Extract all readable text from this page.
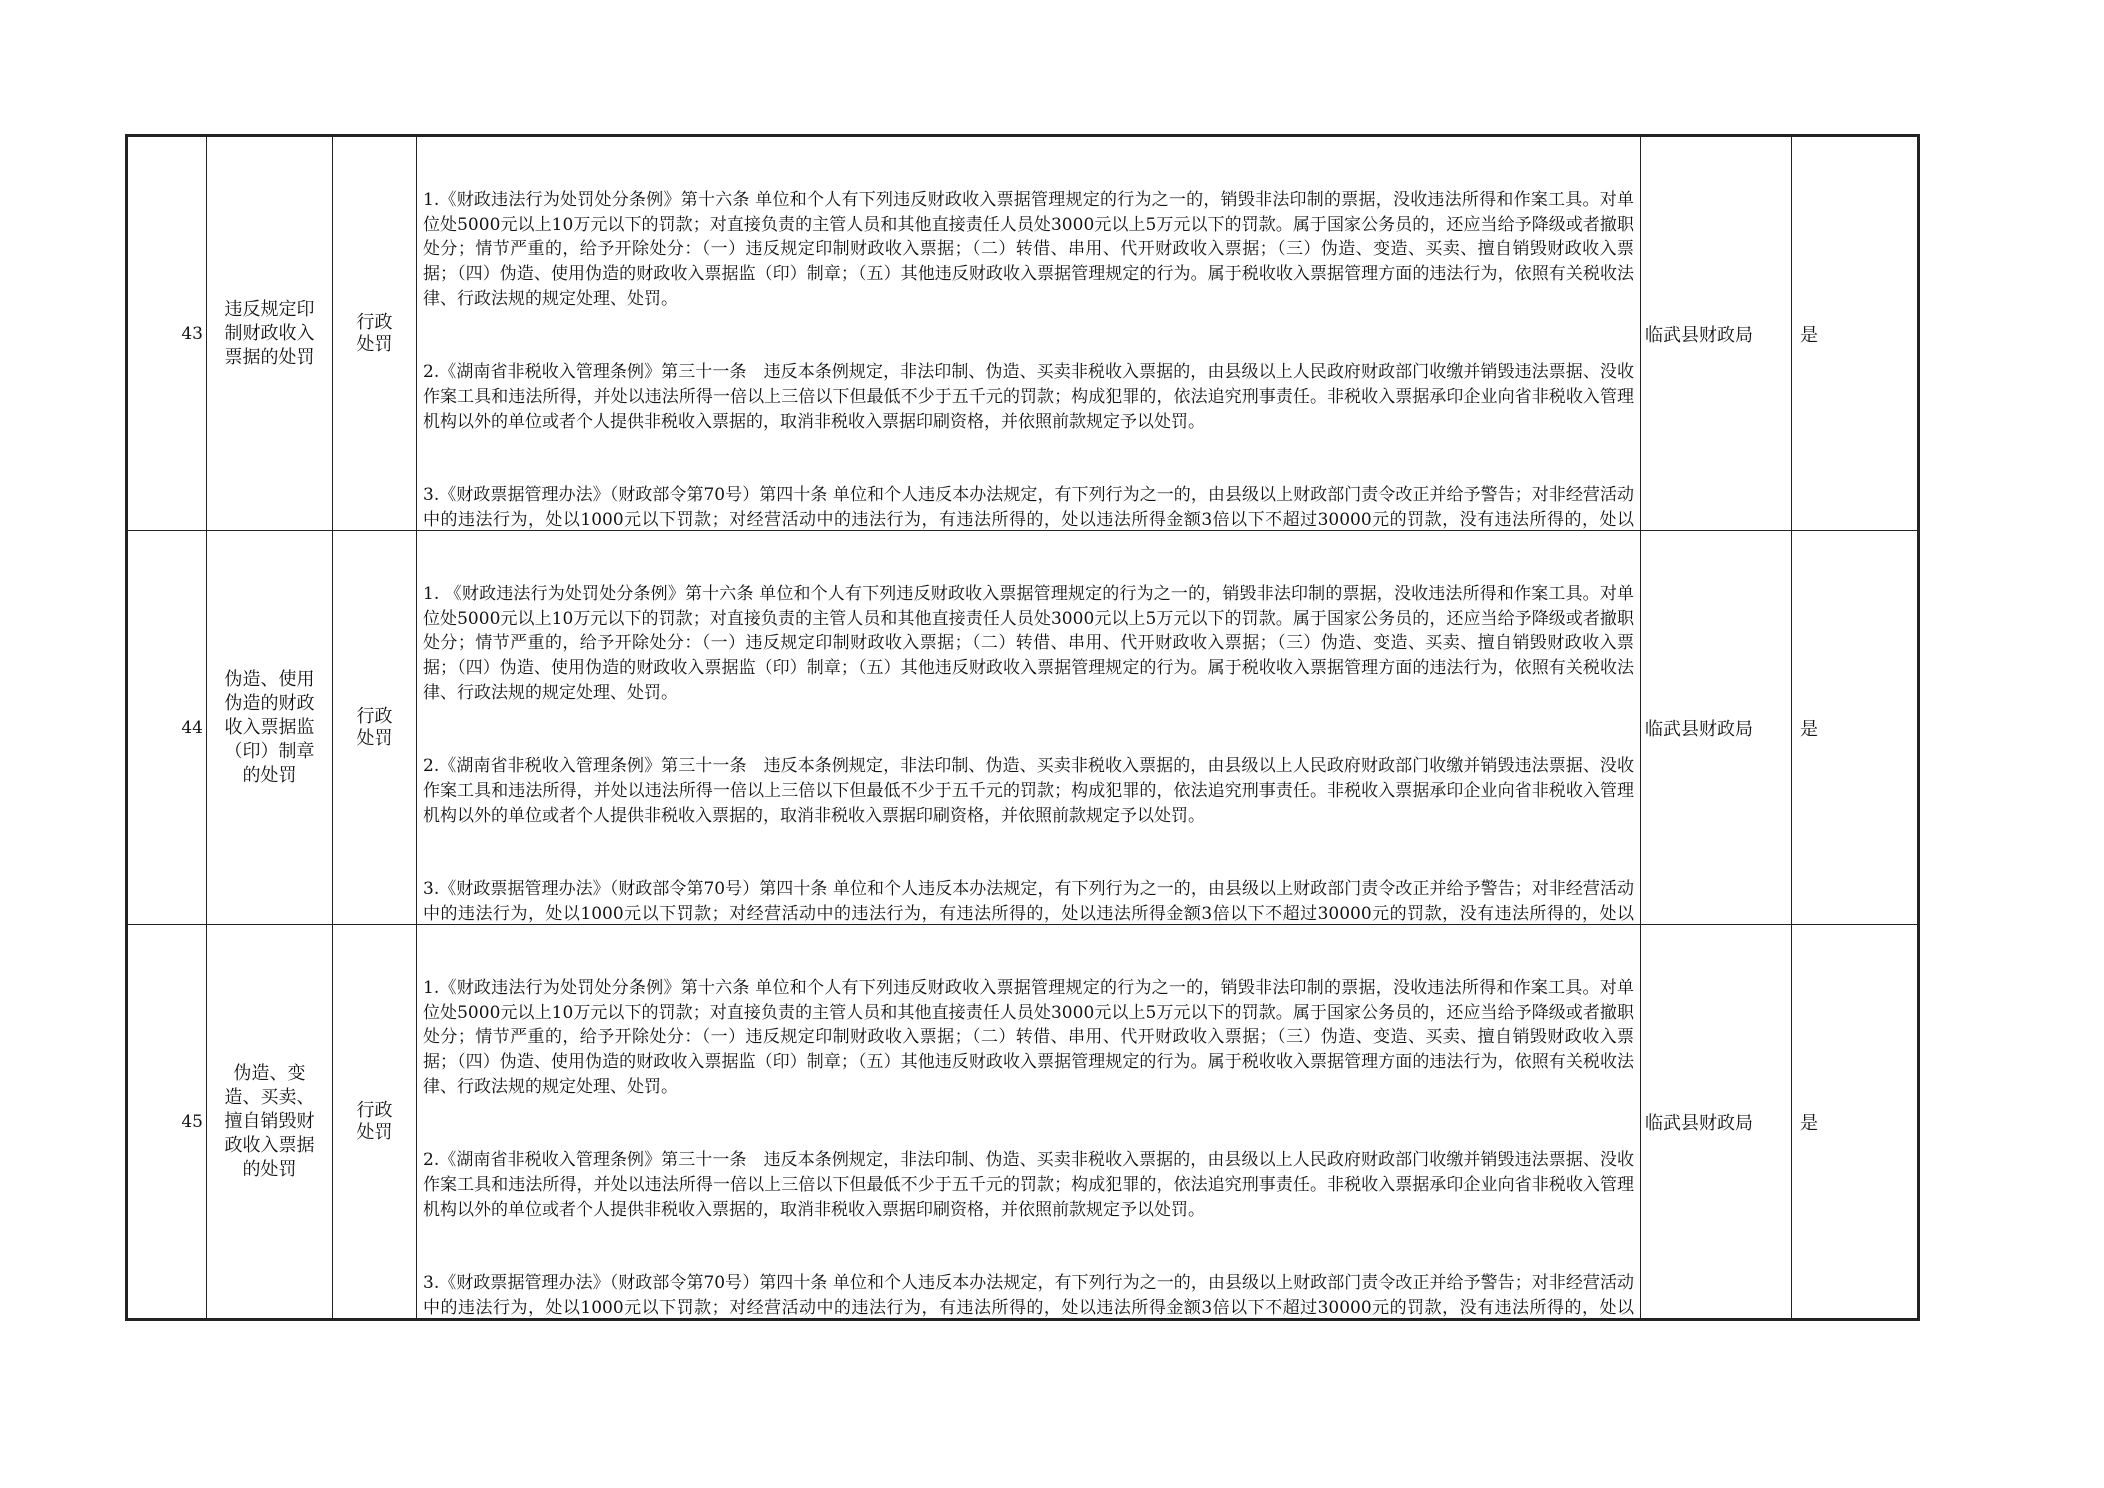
43	违反规定印制财政收入票据的处罚	行政处罚	1.《财政违法行为处罚处分条例》第十六条 单位和个人有下列违反财政收入票据管理规定的行为之一的，销毁非法印制的票据，没收违法所得和作案工具。对单位处5000元以上10万元以下的罚款；对直接负责的主管人员和其他直接责任人员处3000元以上5万元以下的罚款。属于国家公务员的，还应当给予降级或者撤职处分；情节严重的，给予开除处分：（一）违反规定印制财政收入票据；（二）转借、串用、代开财政收入票据；（三）伪造、变造、买卖、擅自销毁财政收入票据；（四）伪造、使用伪造的财政收入票据监（印）制章；（五）其他违反财政收入票据管理规定的行为。属于税收收入票据管理方面的违法行为，依照有关税收法律、行政法规的规定处理、处罚。

2.《湖南省非税收入管理条例》第三十一条　违反本条例规定，非法印制、伪造、买卖非税收入票据的，由县级以上人民政府财政部门收缴并销毁违法票据、没收作案工具和违法所得，并处以违法所得一倍以上三倍以下但最低不少于五千元的罚款；构成犯罪的，依法追究刑事责任。非税收入票据承印企业向省非税收入管理机构以外的单位或者个人提供非税收入票据的，取消非税收入票据印刷资格，并依照前款规定予以处罚。

3.《财政票据管理办法》（财政部令第70号）第四十条 单位和个人违反本办法规定，有下列行为之一的，由县级以上财政部门责令改正并给予警告；对非经营活动中的违法行为，处以1000元以下罚款；对经营活动中的违法行为，有违法所得的，处以违法所得金额3倍以下不超过30000元的罚款，没有违法所得的，处以	临武县财政局	是
44	伪造、使用伪造的财政收入票据监（印）制章的处罚	行政处罚	1. 《财政违法行为处罚处分条例》第十六条 单位和个人有下列违反财政收入票据管理规定的行为之一的，销毁非法印制的票据，没收违法所得和作案工具。对单位处5000元以上10万元以下的罚款；对直接负责的主管人员和其他直接责任人员处3000元以上5万元以下的罚款。属于国家公务员的，还应当给予降级或者撤职处分；情节严重的，给予开除处分：（一）违反规定印制财政收入票据；（二）转借、串用、代开财政收入票据；（三）伪造、变造、买卖、擅自销毁财政收入票据；（四）伪造、使用伪造的财政收入票据监（印）制章；（五）其他违反财政收入票据管理规定的行为。属于税收收入票据管理方面的违法行为，依照有关税收法律、行政法规的规定处理、处罚。

2.《湖南省非税收入管理条例》第三十一条　违反本条例规定，非法印制、伪造、买卖非税收入票据的，由县级以上人民政府财政部门收缴并销毁违法票据、没收作案工具和违法所得，并处以违法所得一倍以上三倍以下但最低不少于五千元的罚款；构成犯罪的，依法追究刑事责任。非税收入票据承印企业向省非税收入管理机构以外的单位或者个人提供非税收入票据的，取消非税收入票据印刷资格，并依照前款规定予以处罚。

3.《财政票据管理办法》（财政部令第70号）第四十条 单位和个人违反本办法规定，有下列行为之一的，由县级以上财政部门责令改正并给予警告；对非经营活动中的违法行为，处以1000元以下罚款；对经营活动中的违法行为，有违法所得的，处以违法所得金额3倍以下不超过30000元的罚款，没有违法所得的，处以	临武县财政局	是
45	伪造、变造、买卖、擅自销毁财政收入票据的处罚	行政处罚	1.《财政违法行为处罚处分条例》第十六条 单位和个人有下列违反财政收入票据管理规定的行为之一的，销毁非法印制的票据，没收违法所得和作案工具。对单位处5000元以上10万元以下的罚款；对直接负责的主管人员和其他直接责任人员处3000元以上5万元以下的罚款。属于国家公务员的，还应当给予降级或者撤职处分；情节严重的，给予开除处分：（一）违反规定印制财政收入票据；（二）转借、串用、代开财政收入票据；（三）伪造、变造、买卖、擅自销毁财政收入票据；（四）伪造、使用伪造的财政收入票据监（印）制章；（五）其他违反财政收入票据管理规定的行为。属于税收收入票据管理方面的违法行为，依照有关税收法律、行政法规的规定处理、处罚。

2.《湖南省非税收入管理条例》第三十一条　违反本条例规定，非法印制、伪造、买卖非税收入票据的，由县级以上人民政府财政部门收缴并销毁违法票据、没收作案工具和违法所得，并处以违法所得一倍以上三倍以下但最低不少于五千元的罚款；构成犯罪的，依法追究刑事责任。非税收入票据承印企业向省非税收入管理机构以外的单位或者个人提供非税收入票据的，取消非税收入票据印刷资格，并依照前款规定予以处罚。

3.《财政票据管理办法》（财政部令第70号）第四十条 单位和个人违反本办法规定，有下列行为之一的，由县级以上财政部门责令改正并给予警告；对非经营活动中的违法行为，处以1000元以下罚款；对经营活动中的违法行为，有违法所得的，处以违法所得金额3倍以下不超过30000元的罚款，没有违法所得的，处以	临武县财政局	是
